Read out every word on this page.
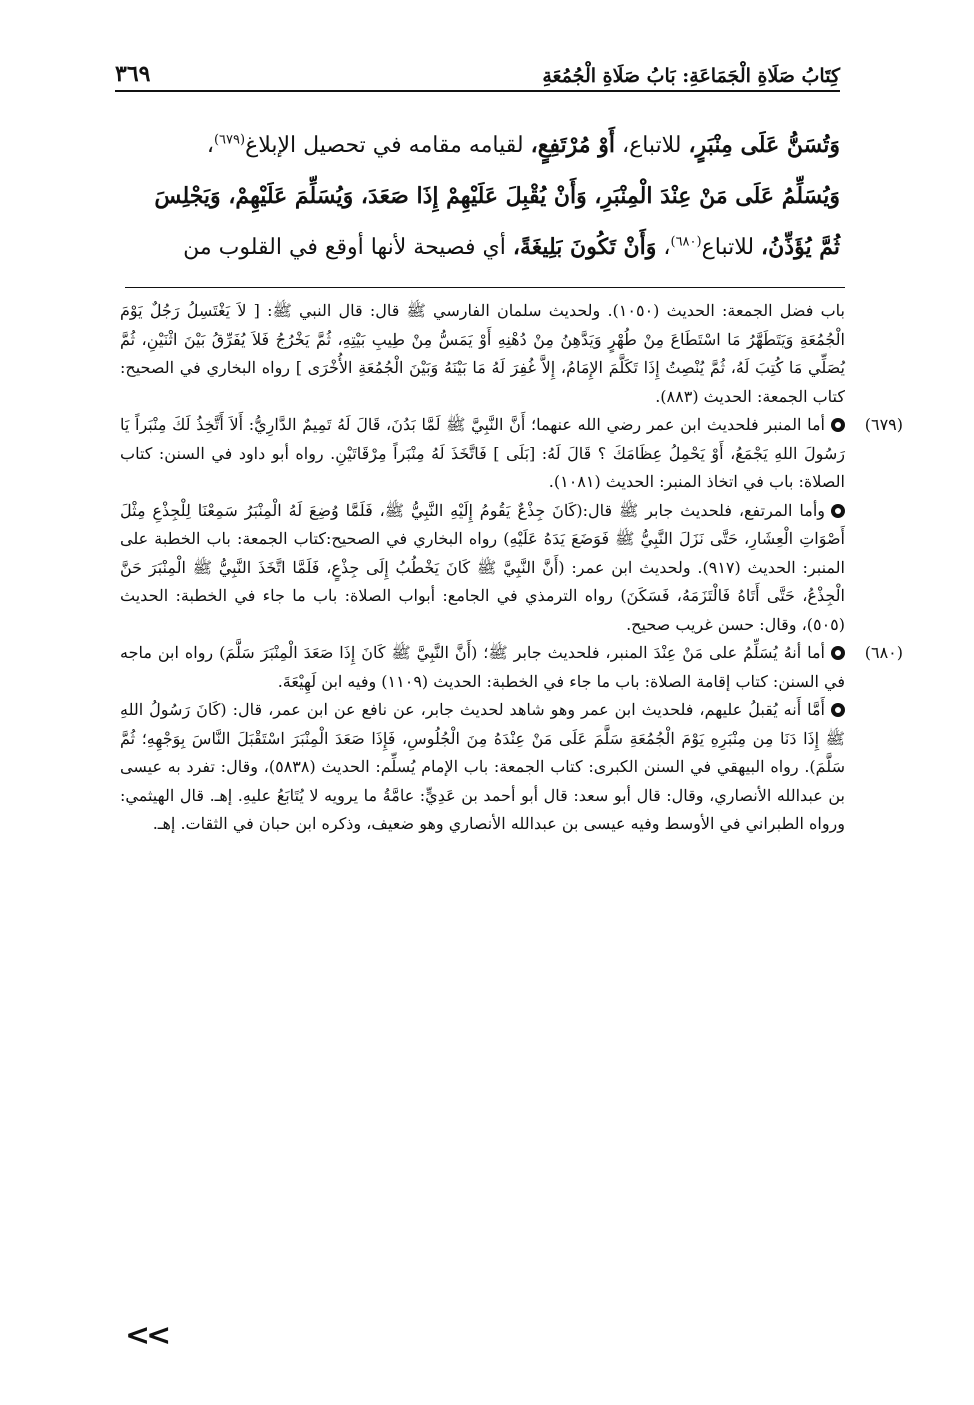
كِتَابُ صَلَاةِ الْجَمَاعَةِ: بَابُ صَلَاةِ الْجُمُعَةِ
٣٦٩

وَتُسَنُّ عَلَى مِنْبَرٍ، للاتباع، أَوْ مُرْتَفِعٍ، لقيامه مقامه في تحصيل الإبلاغ$^{(٦٧٩)}$،

وَيُسَلِّمُ عَلَى مَنْ عِنْدَ الْمِنْبَرِ، وَأَنْ يُقْبِلَ عَلَيْهِمْ إِذَا صَعَدَ، وَيُسَلِّمَ عَلَيْهِمْ، وَيَجْلِسَ

ثُمَّ يُؤَذِّنُ، للاتباع$^{(٦٨٠)}$، وَأَنْ تَكُونَ بَلِيغَةً، أي فصيحة لأنها أوقع في القلوب من

باب فضل الجمعة: الحديث (١٠٥٠). ولحديث سلمان الفارسي ﷺ قال: قال النبي ﷺ: [ لاَ يَغْتَسِلُ رَجُلٌ يَوْمَ الْجُمُعَةِ وَيَتَطَهَّرُ مَا اسْتَطَاعَ مِنْ طُهْرٍ وَيَدَّهِنُ مِنْ دُهْنِهِ أَوْ يَمَسُّ مِنْ طِيبِ بَيْتِهِ، ثُمَّ يَخْرُجُ فَلاَ يُفَرِّقُ بَيْنَ اثْنَيْنِ، ثُمَّ يُصَلِّي مَا كُتِبَ لَهُ، ثُمَّ يُنْصِتُ إِذَا تَكَلَّمَ الإِمَامُ، إِلاَّ غُفِرَ لَهُ مَا بَيْنَهُ وَبَيْنَ الْجُمُعَةِ الأُخْرَى ] رواه البخاري في الصحيح: كتاب الجمعة: الحديث (٨٨٣).

(٦٧٩)
أما المنبر فلحديث ابن عمر رضي الله عنهما؛ أَنَّ النَّبِيَّ ﷺ لَمَّا بَدُنَ، قَالَ لَهُ تَمِيمٌ الدَّارِيُّ: أَلاَ أَتَّخِذُ لَكَ مِنْبَراً يَا رَسُولَ اللهِ يَجْمَعُ، أَوْ يَحْمِلُ عِظَامَكَ ؟ قَالَ لَهُ: [بَلَى ] فَاتَّخَذَ لَهُ مِنْبَراً مِرْقَاتَيْنِ. رواه أبو داود في السنن: كتاب الصلاة: باب في اتخاذ المنبر: الحديث (١٠٨١).

وأما المرتفع، فلحديث جابر ﷺ قال:(كَانَ جِذْعٌ يَقُومُ إِلَيْهِ النَّبِيُّ ﷺ، فَلَمَّا وُضِعَ لَهُ الْمِنْبَرُ سَمِعْنَا لِلْجِذْعِ مِثْلَ أَصْوَاتِ الْعِشَارِ، حَتَّى نَزَلَ النَّبِيُّ ﷺ فَوَضَعَ يَدَهُ عَلَيْهِ) رواه البخاري في الصحيح:كتاب الجمعة: باب الخطبة على المنبر: الحديث (٩١٧). ولحديث ابن عمر: (أَنَّ النَّبِيَّ ﷺ كَانَ يَخْطُبُ إِلَى جِذْعٍ، فَلَمَّا اتَّخَذَ النَّبِيُّ ﷺ الْمِنْبَرَ حَنَّ الْجِذْعُ، حَتَّى أَتَاهُ فَالْتَزَمَهُ، فَسَكَنَ) رواه الترمذي في الجامع: أبواب الصلاة: باب ما جاء في الخطبة: الحديث (٥٠٥)، وقال: حسن غريب صحيح.

(٦٨٠)
أما أنهُ يُسَلِّمُ على مَنْ عِنْدَ المنبر، فلحديث جابر ﷺ؛ (أَنَّ النَّبِيَّ ﷺ كَانَ إِذَا صَعَدَ الْمِنْبَرَ سَلَّمَ) رواه ابن ماجه في السنن: كتاب إقامة الصلاة: باب ما جاء في الخطبة: الحديث (١١٠٩) وفيه ابن لَهِيْعَةَ.

أَمَّا أَنه يُقبلُ عليهم، فلحديث ابن عمر وهو شاهد لحديث جابر، عن نافع عن ابن عمر، قال: (كَانَ رَسُولُ اللهِ ﷺ إِذَا دَنَا مِن مِنْبَرِهِ يَوْمَ الْجُمُعَةِ سَلَّمَ عَلَى مَنْ عِنْدَهُ مِنَ الْجُلُوسِ، فَإِذَا صَعَدَ الْمِنْبَرَ اسْتَقْبَلَ النَّاسَ بِوَجْهِهِ؛ ثُمَّ سَلَّمَ). رواه البيهقي في السنن الكبرى: كتاب الجمعة: باب الإمام يُسلِّم: الحديث (٥٨٣٨)، وقال: تفرد به عيسى بن عبدالله الأنصاري، وقال: قال أبو سعد: قال أبو أحمد بن عَدِيٍّ: عامَّةُ ما يرويه لا يُتَابَعُ عليهِ. إهـ. قال الهيثمي: ورواه الطبراني في الأوسط وفيه عيسى بن عبدالله الأنصاري وهو ضعيف، وذكره ابن حبان في الثقات. إهـ.

<<
